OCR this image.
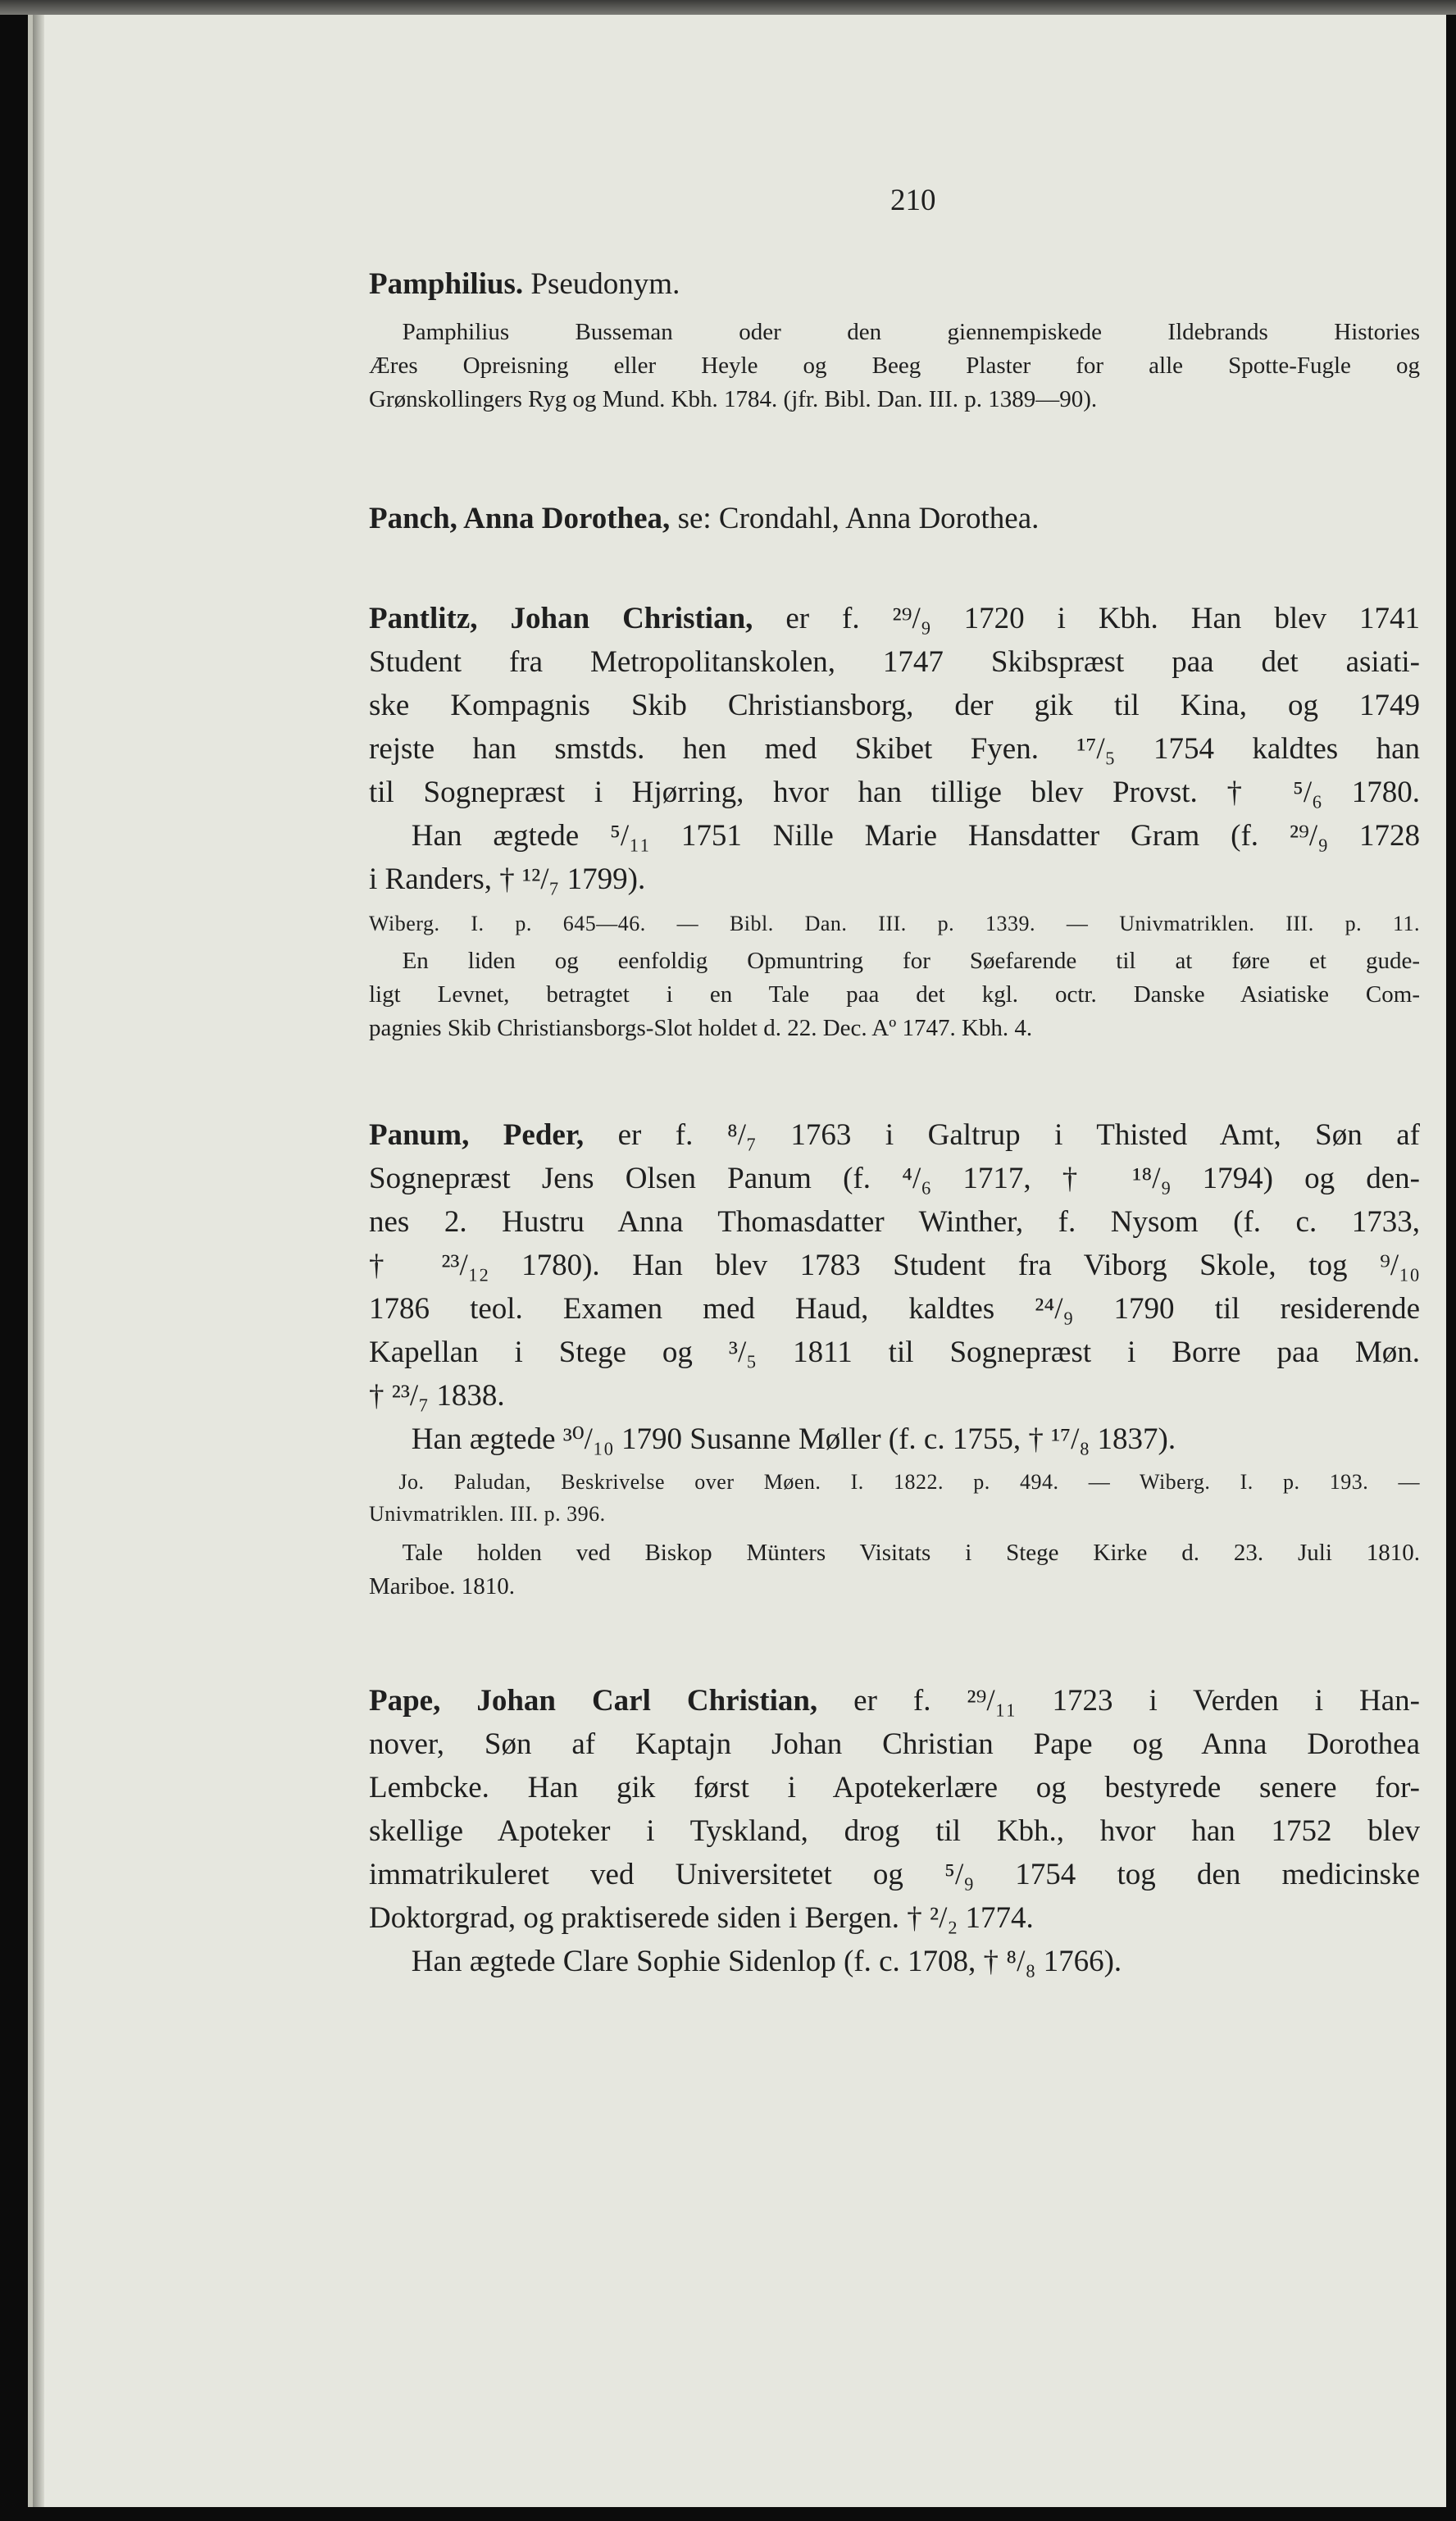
210
Pamphilius. Pseudonym.
Pamphilius Busseman oder den giennempiskede Ildebrands Histories
Æres Opreisning eller Heyle og Beeg Plaster for alle Spotte-Fugle og
Grønskollingers Ryg og Mund. Kbh. 1784. (jfr. Bibl. Dan. III. p. 1389—90).
Panch, Anna Dorothea, se: Crondahl, Anna Dorothea.
Pantlitz, Johan Christian, er f. ²⁹/₉ 1720 i Kbh. Han blev 1741
Student fra Metropolitanskolen, 1747 Skibspræst paa det asiati-
ske Kompagnis Skib Christiansborg, der gik til Kina, og 1749
rejste han smstds. hen med Skibet Fyen. ¹⁷/₅ 1754 kaldtes han
til Sognepræst i Hjørring, hvor han tillige blev Provst. † ⁵/₆ 1780.
Han ægtede ⁵/₁₁ 1751 Nille Marie Hansdatter Gram (f. ²⁹/₉ 1728
i Randers, † ¹²/₇ 1799).
Wiberg. I. p. 645—46. — Bibl. Dan. III. p. 1339. — Univmatriklen. III. p. 11.
En liden og eenfoldig Opmuntring for Søefarende til at føre et gude-
ligt Levnet, betragtet i en Tale paa det kgl. octr. Danske Asiatiske Com-
pagnies Skib Christiansborgs-Slot holdet d. 22. Dec. Aº 1747. Kbh. 4.
Panum, Peder, er f. ⁸/₇ 1763 i Galtrup i Thisted Amt, Søn af
Sognepræst Jens Olsen Panum (f. ⁴/₆ 1717, † ¹⁸/₉ 1794) og den-
nes 2. Hustru Anna Thomasdatter Winther, f. Nysom (f. c. 1733,
† ²³/₁₂ 1780). Han blev 1783 Student fra Viborg Skole, tog ⁹/₁₀
1786 teol. Examen med Haud, kaldtes ²⁴/₉ 1790 til residerende
Kapellan i Stege og ³/₅ 1811 til Sognepræst i Borre paa Møn.
† ²³/₇ 1838.
Han ægtede ³⁰/₁₀ 1790 Susanne Møller (f. c. 1755, † ¹⁷/₈ 1837).
Jo. Paludan, Beskrivelse over Møen. I. 1822. p. 494. — Wiberg. I. p. 193. —
Univmatriklen. III. p. 396.
Tale holden ved Biskop Münters Visitats i Stege Kirke d. 23. Juli 1810.
Mariboe. 1810.
Pape, Johan Carl Christian, er f. ²⁹/₁₁ 1723 i Verden i Han-
nover, Søn af Kaptajn Johan Christian Pape og Anna Dorothea
Lembcke. Han gik først i Apotekerlære og bestyrede senere for-
skellige Apoteker i Tyskland, drog til Kbh., hvor han 1752 blev
immatrikuleret ved Universitetet og ⁵/₉ 1754 tog den medicinske
Doktorgrad, og praktiserede siden i Bergen. † ²/₂ 1774.
Han ægtede Clare Sophie Sidenlop (f. c. 1708, † ⁸/₈ 1766).
